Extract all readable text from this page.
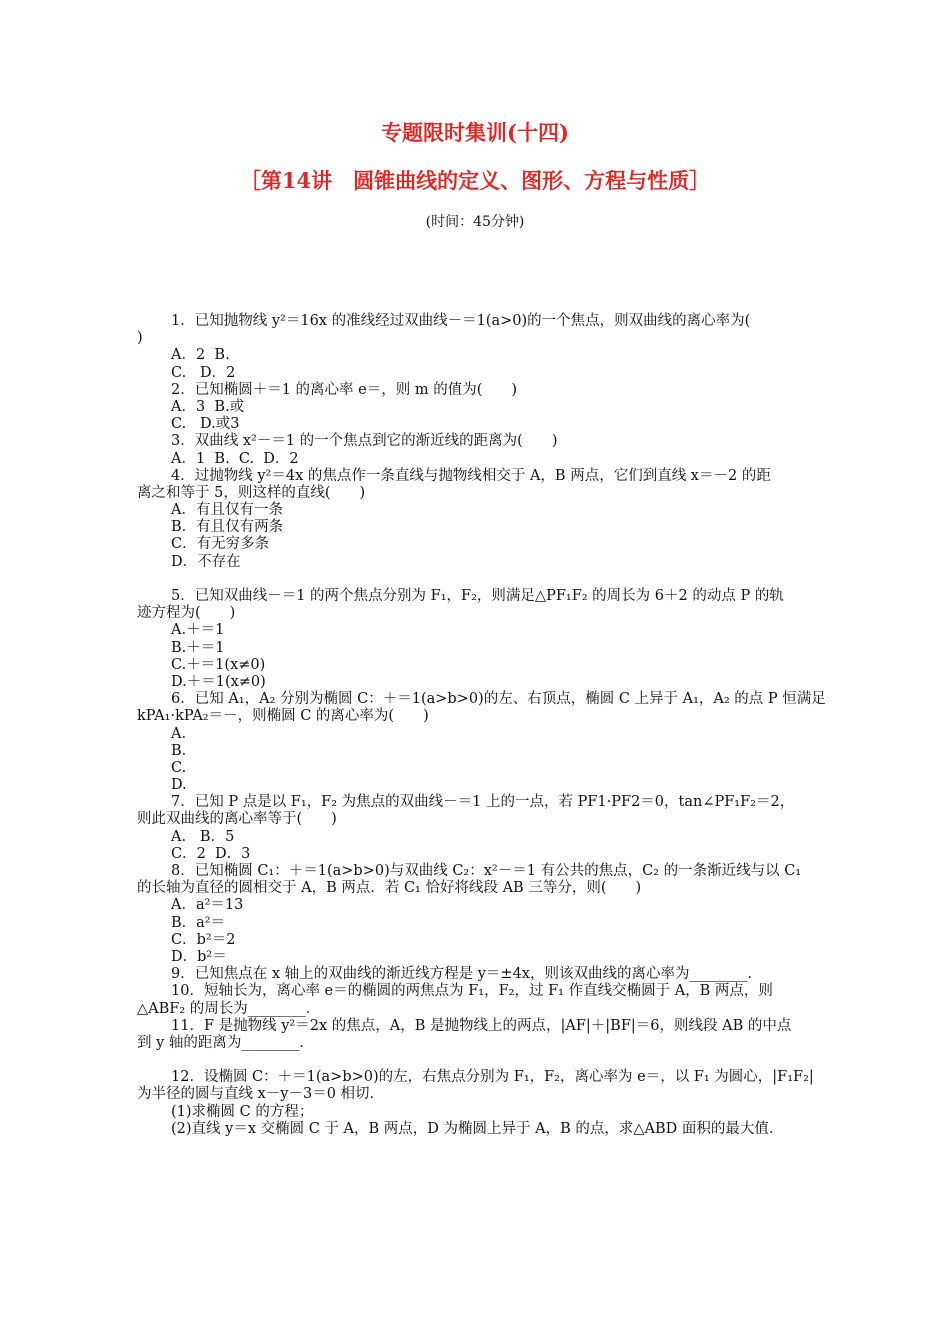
专题限时集训(十四)
［第14讲　圆锥曲线的定义、图形、方程与性质］
(时间：45分钟)
1．已知抛物线 y²＝16x 的准线经过双曲线－＝1(a>0)的一个焦点，则双曲线的离心率为(
)
A．2  B.
C.   D．2
2．已知椭圆＋＝1 的离心率 e＝，则 m 的值为(　　)
A．3  B.或
C.   D.或3
3．双曲线 x²－＝1 的一个焦点到它的渐近线的距离为(　　)
A．1  B.  C.  D．2
4．过抛物线 y²＝4x 的焦点作一条直线与抛物线相交于 A，B 两点，它们到直线 x＝－2 的距
离之和等于 5，则这样的直线(　　)
A．有且仅有一条
B．有且仅有两条
C．有无穷多条
D．不存在
5．已知双曲线－＝1 的两个焦点分别为 F₁，F₂，则满足△PF₁F₂ 的周长为 6＋2 的动点 P 的轨
迹方程为(　　)
A.＋＝1
B.＋＝1
C.＋＝1(x≠0)
D.＋＝1(x≠0)
6．已知 A₁，A₂ 分别为椭圆 C：＋＝1(a>b>0)的左、右顶点，椭圆 C 上异于 A₁，A₂ 的点 P 恒满足
kPA₁·kPA₂＝－，则椭圆 C 的离心率为(　　)
A.
B.
C.
D.
7．已知 P 点是以 F₁，F₂ 为焦点的双曲线－＝1 上的一点，若 PF1·PF2＝0，tan∠PF₁F₂＝2，
则此双曲线的离心率等于(　　)
A.   B．5
C．2  D．3
8．已知椭圆 C₁：＋＝1(a>b>0)与双曲线 C₂：x²－＝1 有公共的焦点，C₂ 的一条渐近线与以 C₁
的长轴为直径的圆相交于 A，B 两点．若 C₁ 恰好将线段 AB 三等分，则(　　)
A．a²＝13
B．a²＝
C．b²＝2
D．b²＝
9．已知焦点在 x 轴上的双曲线的渐近线方程是 y＝±4x，则该双曲线的离心率为________．
10．短轴长为，离心率 e＝的椭圆的两焦点为 F₁，F₂，过 F₁ 作直线交椭圆于 A，B 两点，则
△ABF₂ 的周长为________．
11．F 是抛物线 y²＝2x 的焦点，A，B 是抛物线上的两点，|AF|＋|BF|＝6，则线段 AB 的中点
到 y 轴的距离为________．
12．设椭圆 C：＋＝1(a>b>0)的左，右焦点分别为 F₁，F₂，离心率为 e＝，以 F₁ 为圆心，|F₁F₂|
为半径的圆与直线 x－y－3＝0 相切．
(1)求椭圆 C 的方程；
(2)直线 y＝x 交椭圆 C 于 A，B 两点，D 为椭圆上异于 A，B 的点，求△ABD 面积的最大值．
